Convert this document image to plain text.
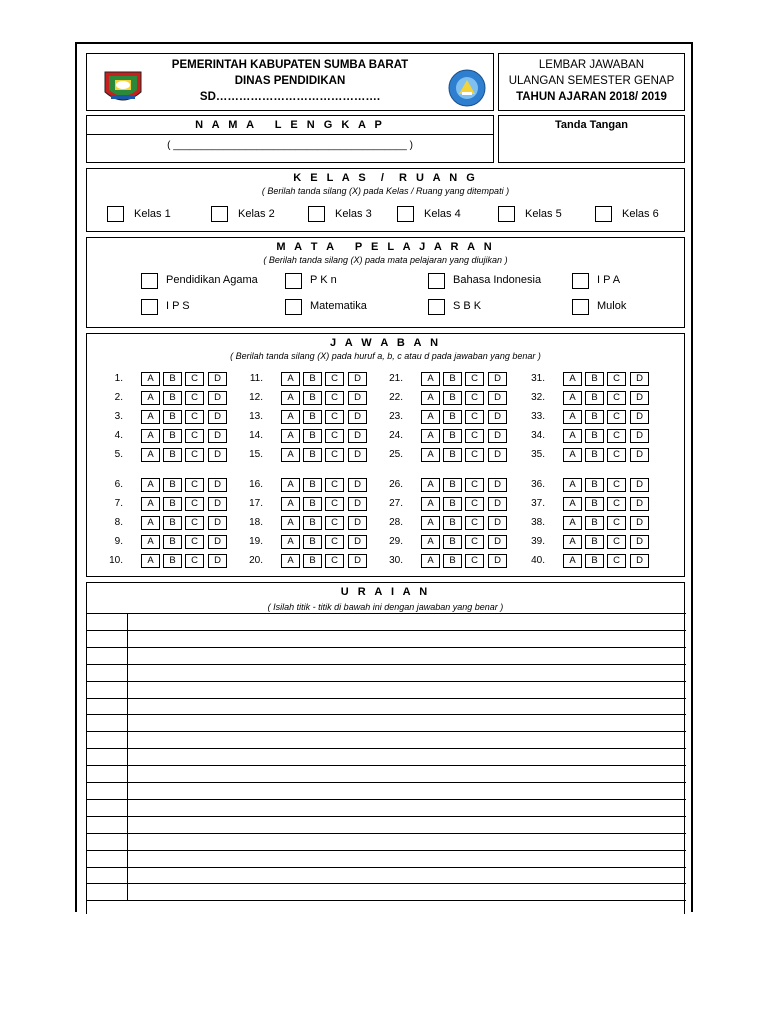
PEMERINTAH KABUPATEN SUMBA BARAT
DINAS PENDIDIKAN
SD…………………………………….
LEMBAR JAWABAN
ULANGAN SEMESTER GENAP
TAHUN AJARAN 2018/ 2019
N A M A   L E N G K A P
( __________________________________________ )
Tanda Tangan
K E L A S  /  R U A N G
( Berilah tanda silang (X) pada Kelas / Ruang yang ditempati )
Kelas 1	Kelas 2	Kelas 3	Kelas 4	Kelas 5	Kelas 6
M A T A   P E L A J A R A N
( Berilah tanda silang (X) pada mata pelajaran yang diujikan )
Pendidikan Agama	P K n	Bahasa Indonesia	I P A
I P S	Matematika	S B K	Mulok
J A W A B A N
( Berilah tanda silang (X) pada huruf a, b, c atau d pada jawaban yang benar )
1.	A	B	C	D
2.	A	B	C	D
3.	A	B	C	D
4.	A	B	C	D
5.	A	B	C	D
6.	A	B	C	D
7.	A	B	C	D
8.	A	B	C	D
9.	A	B	C	D
10.	A	B	C	D
11.	A	B	C	D
12.	A	B	C	D
13.	A	B	C	D
14.	A	B	C	D
15.	A	B	C	D
16.	A	B	C	D
17.	A	B	C	D
18.	A	B	C	D
19.	A	B	C	D
20.	A	B	C	D
21.	A	B	C	D
22.	A	B	C	D
23.	A	B	C	D
24.	A	B	C	D
25.	A	B	C	D
26.	A	B	C	D
27.	A	B	C	D
28.	A	B	C	D
29.	A	B	C	D
30.	A	B	C	D
31.	A	B	C	D
32.	A	B	C	D
33.	A	B	C	D
34.	A	B	C	D
35.	A	B	C	D
36.	A	B	C	D
37.	A	B	C	D
38.	A	B	C	D
39.	A	B	C	D
40.	A	B	C	D
U R A I A N
( Isilah titik - titik di bawah ini dengan jawaban yang benar )
